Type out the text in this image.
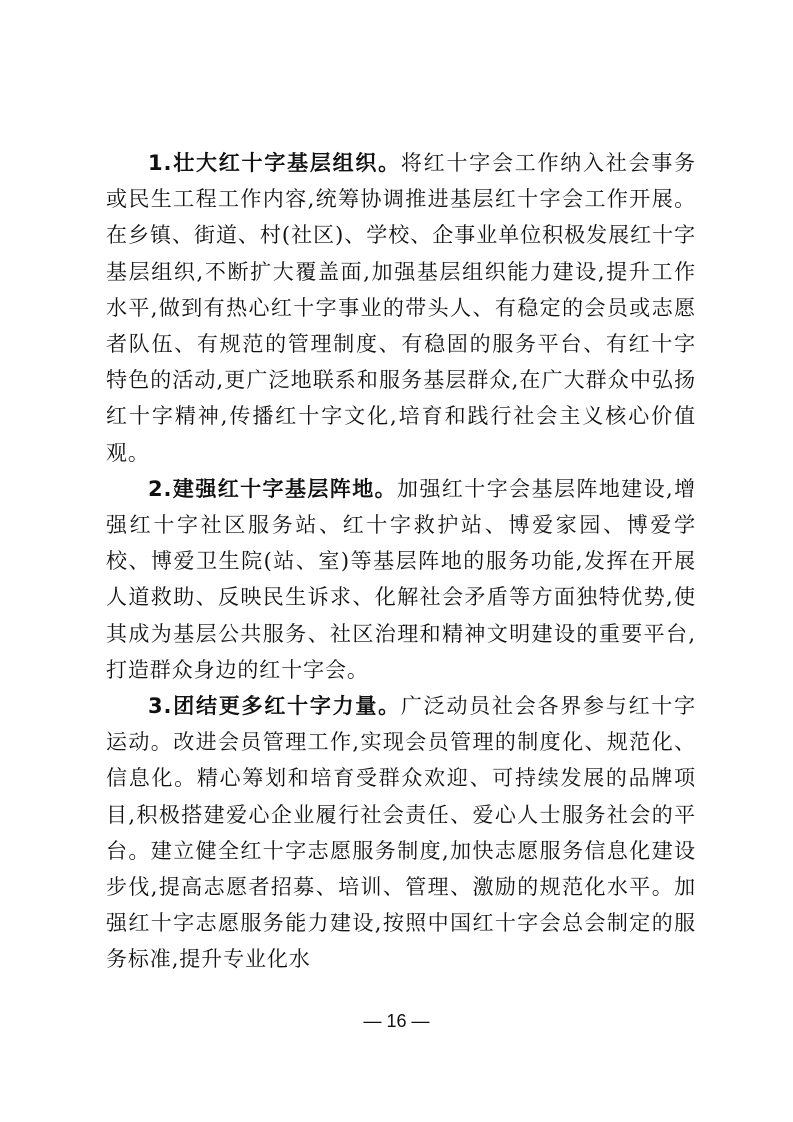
1.壮大红十字基层组织。将红十字会工作纳入社会事务或民生工程工作内容,统筹协调推进基层红十字会工作开展。在乡镇、街道、村(社区)、学校、企事业单位积极发展红十字基层组织,不断扩大覆盖面,加强基层组织能力建设,提升工作水平,做到有热心红十字事业的带头人、有稳定的会员或志愿者队伍、有规范的管理制度、有稳固的服务平台、有红十字特色的活动,更广泛地联系和服务基层群众,在广大群众中弘扬红十字精神,传播红十字文化,培育和践行社会主义核心价值观。

2.建强红十字基层阵地。加强红十字会基层阵地建设,增强红十字社区服务站、红十字救护站、博爱家园、博爱学校、博爱卫生院(站、室)等基层阵地的服务功能,发挥在开展人道救助、反映民生诉求、化解社会矛盾等方面独特优势,使其成为基层公共服务、社区治理和精神文明建设的重要平台,打造群众身边的红十字会。

3.团结更多红十字力量。广泛动员社会各界参与红十字运动。改进会员管理工作,实现会员管理的制度化、规范化、信息化。精心筹划和培育受群众欢迎、可持续发展的品牌项目,积极搭建爱心企业履行社会责任、爱心人士服务社会的平台。建立健全红十字志愿服务制度,加快志愿服务信息化建设步伐,提高志愿者招募、培训、管理、激励的规范化水平。加强红十字志愿服务能力建设,按照中国红十字会总会制定的服务标准,提升专业化水

— 16 —
